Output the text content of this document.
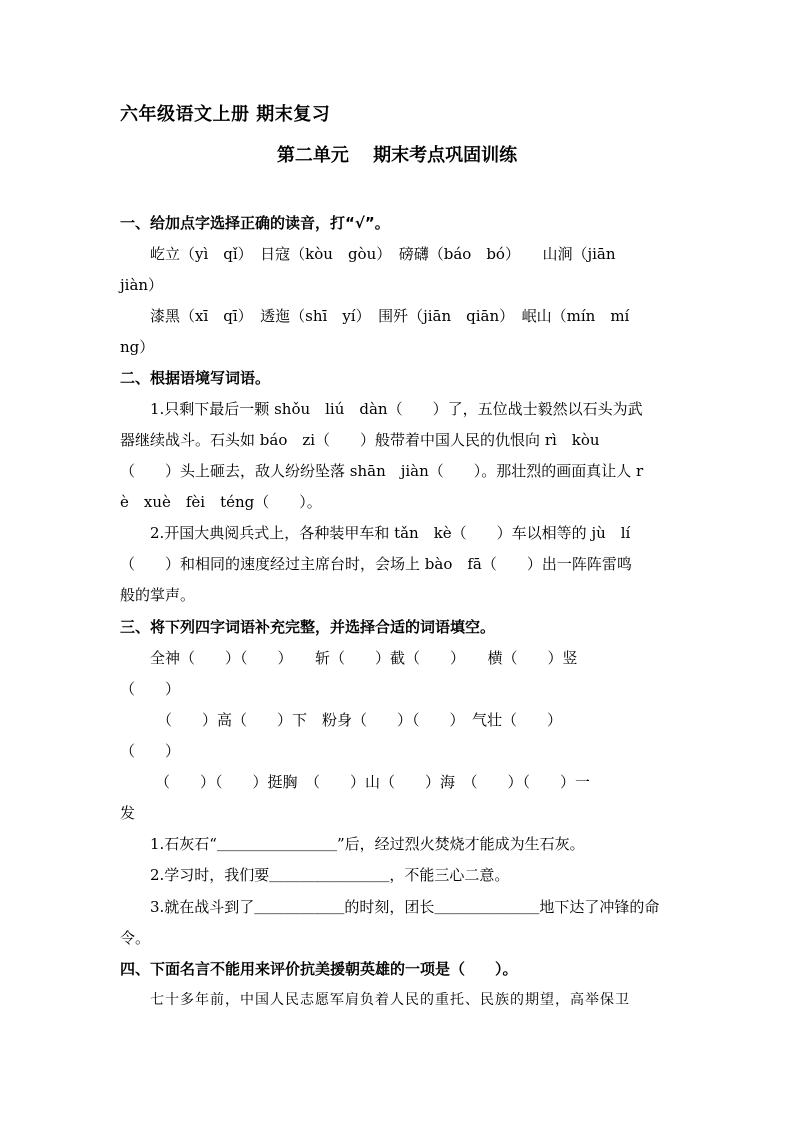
六年级语文上册 期末复习
第二单元　 期末考点巩固训练
一、给加点字选择正确的读音，打“√”。
屹立（yì　qǐ）　日寇（kòu　gòu）　磅礴（báo　bó）　　山涧（jiān
jiàn）
漆黑（xī　qī）　透迤（shī　yí）　围歼（jiān　qiān）　岷山（mín　mí
ng）
二、根据语境写词语。
1.只剩下最后一颗 shǒu　liú　dàn（　　）了，五位战士毅然以石头为武
器继续战斗。石头如 báo　zi（　　）般带着中国人民的仇恨向 rì　kòu
（　　）头上砸去，敌人纷纷坠落 shān　jiàn（　　）。那壮烈的画面真让人 r
è　xuè　fèi　téng（　　）。
2.开国大典阅兵式上，各种装甲车和 tǎn　kè（　　）车以相等的 jù　lí
（　　）和相同的速度经过主席台时，会场上 bào　fā（　　）出一阵阵雷鸣
般的掌声。
三、将下列四字词语补充完整，并选择合适的词语填空。
全神（　　）（　　）　　斩（　　）截（　　）　　横（　　）竖
（　　）
（　　）高（　　）下　粉身（　　）（　　）　气壮（　　）
（　　）
（　　）（　　）挺胸　（　　）山（　　）海　（　　）（　　）一
发
1.石灰石“＿＿＿＿＿＿＿＿”后，经过烈火焚烧才能成为生石灰。
2.学习时，我们要＿＿＿＿＿＿＿＿，不能三心二意。
3.就在战斗到了＿＿＿＿＿＿的时刻，团长＿＿＿＿＿＿＿地下达了冲锋的命
令。
四、下面名言不能用来评价抗美援朝英雄的一项是（　　）。
七十多年前，中国人民志愿军肩负着人民的重托、民族的期望，高举保卫
